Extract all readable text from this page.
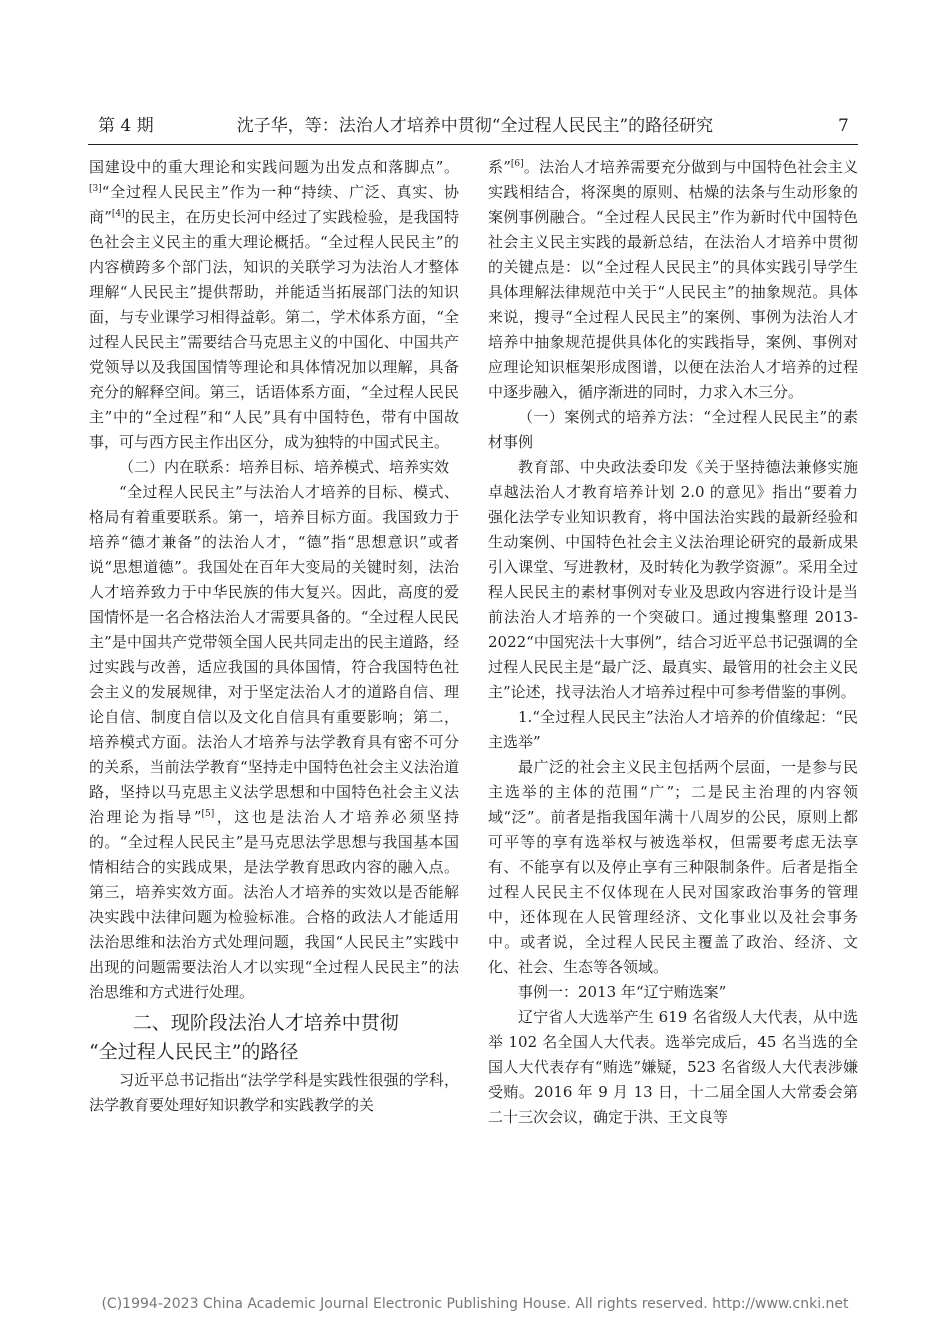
第 4 期	沈子华，等：法治人才培养中贯彻“全过程人民民主”的路径研究	7

国建设中的重大理论和实践问题为出发点和落脚点”。[3]“全过程人民民主”作为一种“持续、广泛、真实、协商”[4]的民主，在历史长河中经过了实践检验，是我国特色社会主义民主的重大理论概括。“全过程人民民主”的内容横跨多个部门法，知识的关联学习为法治人才整体理解“人民民主”提供帮助，并能适当拓展部门法的知识面，与专业课学习相得益彰。第二，学术体系方面，“全过程人民民主”需要结合马克思主义的中国化、中国共产党领导以及我国国情等理论和具体情况加以理解，具备充分的解释空间。第三，话语体系方面，“全过程人民民主”中的“全过程”和“人民”具有中国特色，带有中国故事，可与西方民主作出区分，成为独特的中国式民主。

（二）内在联系：培养目标、培养模式、培养实效

“全过程人民民主”与法治人才培养的目标、模式、格局有着重要联系。第一，培养目标方面。我国致力于培养“德才兼备”的法治人才，“德”指“思想意识”或者说“思想道德”。我国处在百年大变局的关键时刻，法治人才培养致力于中华民族的伟大复兴。因此，高度的爱国情怀是一名合格法治人才需要具备的。“全过程人民民主”是中国共产党带领全国人民共同走出的民主道路，经过实践与改善，适应我国的具体国情，符合我国特色社会主义的发展规律，对于坚定法治人才的道路自信、理论自信、制度自信以及文化自信具有重要影响；第二，培养模式方面。法治人才培养与法学教育具有密不可分的关系，当前法学教育“坚持走中国特色社会主义法治道路，坚持以马克思主义法学思想和中国特色社会主义法治理论为指导”[5]，这也是法治人才培养必须坚持的。“全过程人民民主”是马克思法学思想与我国基本国情相结合的实践成果，是法学教育思政内容的融入点。第三，培养实效方面。法治人才培养的实效以是否能解决实践中法律问题为检验标准。合格的政法人才能适用法治思维和法治方式处理问题，我国“人民民主”实践中出现的问题需要法治人才以实现“全过程人民民主”的法治思维和方式进行处理。

二、现阶段法治人才培养中贯彻
“全过程人民民主”的路径

习近平总书记指出“法学学科是实践性很强的学科，法学教育要处理好知识教学和实践教学的关

系”[6]。法治人才培养需要充分做到与中国特色社会主义实践相结合，将深奥的原则、枯燥的法条与生动形象的案例事例融合。“全过程人民民主”作为新时代中国特色社会主义民主实践的最新总结，在法治人才培养中贯彻的关键点是：以“全过程人民民主”的具体实践引导学生具体理解法律规范中关于“人民民主”的抽象规范。具体来说，搜寻“全过程人民民主”的案例、事例为法治人才培养中抽象规范提供具体化的实践指导，案例、事例对应理论知识框架形成图谱，以便在法治人才培养的过程中逐步融入，循序渐进的同时，力求入木三分。

（一）案例式的培养方法：“全过程人民民主”的素材事例

教育部、中央政法委印发《关于坚持德法兼修实施卓越法治人才教育培养计划 2.0 的意见》指出“要着力强化法学专业知识教育，将中国法治实践的最新经验和生动案例、中国特色社会主义法治理论研究的最新成果引入课堂、写进教材，及时转化为教学资源”。采用全过程人民民主的素材事例对专业及思政内容进行设计是当前法治人才培养的一个突破口。通过搜集整理 2013-2022“中国宪法十大事例”，结合习近平总书记强调的全过程人民民主是“最广泛、最真实、最管用的社会主义民主”论述，找寻法治人才培养过程中可参考借鉴的事例。

1.“全过程人民民主”法治人才培养的价值缘起：“民主选举”

最广泛的社会主义民主包括两个层面，一是参与民主选举的主体的范围“广”；二是民主治理的内容领域“泛”。前者是指我国年满十八周岁的公民，原则上都可平等的享有选举权与被选举权，但需要考虑无法享有、不能享有以及停止享有三种限制条件。后者是指全过程人民民主不仅体现在人民对国家政治事务的管理中，还体现在人民管理经济、文化事业以及社会事务中。或者说，全过程人民民主覆盖了政治、经济、文化、社会、生态等各领域。

事例一：2013 年“辽宁贿选案”

辽宁省人大选举产生 619 名省级人大代表，从中选举 102 名全国人大代表。选举完成后，45 名当选的全国人大代表存有“贿选”嫌疑，523 名省级人大代表涉嫌受贿。2016 年 9 月 13 日，十二届全国人大常委会第二十三次会议，确定于洪、王文良等

(C)1994-2023 China Academic Journal Electronic Publishing House. All rights reserved. http://www.cnki.net
